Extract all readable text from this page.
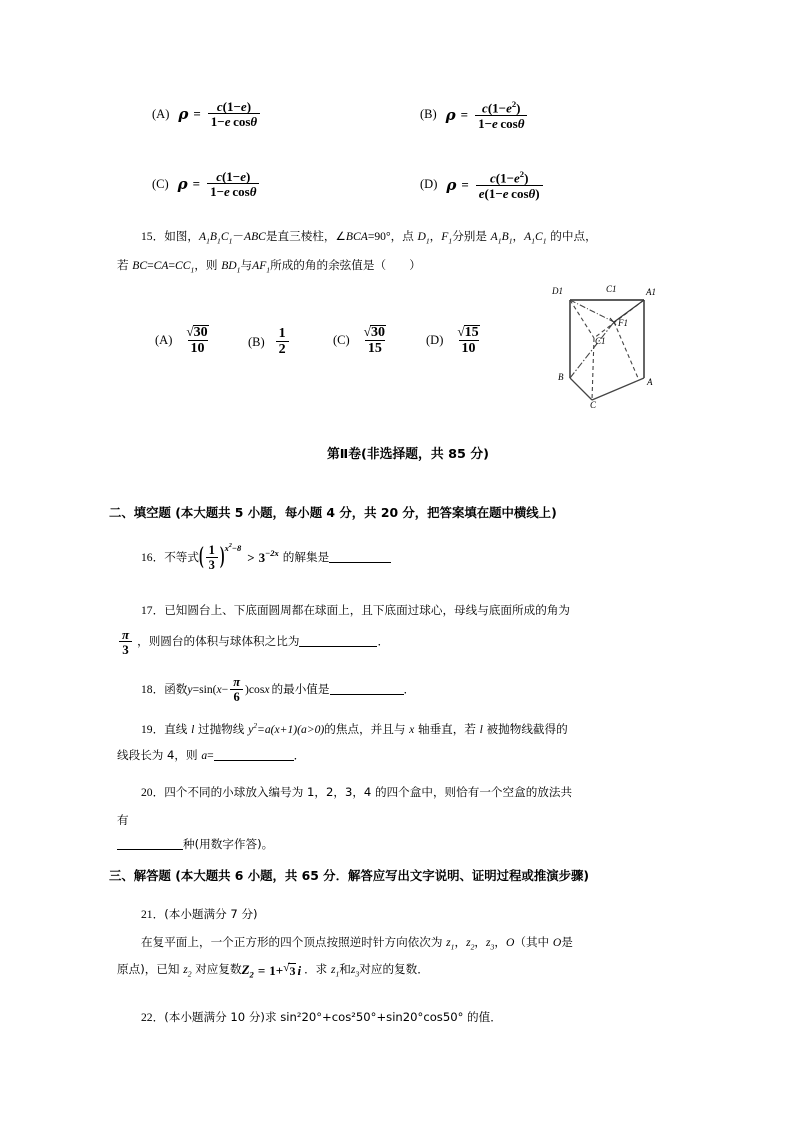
(A) $\rho = \frac{c(1-e)}{\text{1−e cosθ}}$	(B) $\rho = \frac{c(1-e^2)}{\text{1−e cosθ}}$
(C) $\rho = \frac{c(1-e)}{\text{1−e cosθ}}$	(D) $\rho = \frac{c(1-e^2)}{\text{e(1−e cosθ)}}$
15．如图，$A_1B_1C_1-ABC$是直三棱柱，∠BCA=90°，点 $D_1$，$F_1$分别是 $A_1B_1$，$A_1C_1$ 的中点，
若 $BC=CA=CC_1$，则 $BD_1$与$AF_1$所成的角的余弦值是（　　）
$(A) \frac{√ 30}{10}$	$(B) \frac{1}{2}$	$(C) \frac{√ 30}{15}$	$(D) \frac{√ 15}{10}$
D1	C1	A1
F1
C1
B	A
C
第Ⅱ卷(非选择题，共 85 分)
二、填空题 (本大题共 5 小题，每小题 4 分，共 20 分，把答案填在题中横线上)
16．不等式 ( $\frac{1}{3}$ ) $x^2-8$
> 3 −2x 的解集是
17．已知圆台上、下底面圆周都在球面上，且下底面过球心，母线与底面所成的角为
$\frac{\pi}{3}$ ，则圆台的体积与球体积之比为	．
18．函数 y = sin( $x - \frac{\pi}{6} )\cos$ x 的最小值是	．
19．直线 l 过抛物线 $y^2=a(x+1)(a>0)$的焦点，并且与 x 轴垂直，若 l 被抛物线截得的
线段长为 4，则 a=	．
20．四个不同的小球放入编号为 1，2，3，4 的四个盒中，则恰有一个空盒的放法共
有
种(用数字作答)。
三、解答题 (本大题共 6 小题，共 65 分．解答应写出文字说明、证明过程或推演步骤)
21．(本小题满分 7 分)
在复平面上，一个正方形的四个顶点按照逆时针方向依次为 $z_1$，$z_2$，$z_3$，O（其中 O是
原点)，已知 $z_2$ 对应复数 $Z_2 = 1+$ √ 3 i ．求 $z_1$和$z_3$对应的复数．
22．(本小题满分 10 分)求 sin²20°+cos²50°+sin20°cos50° 的值．
